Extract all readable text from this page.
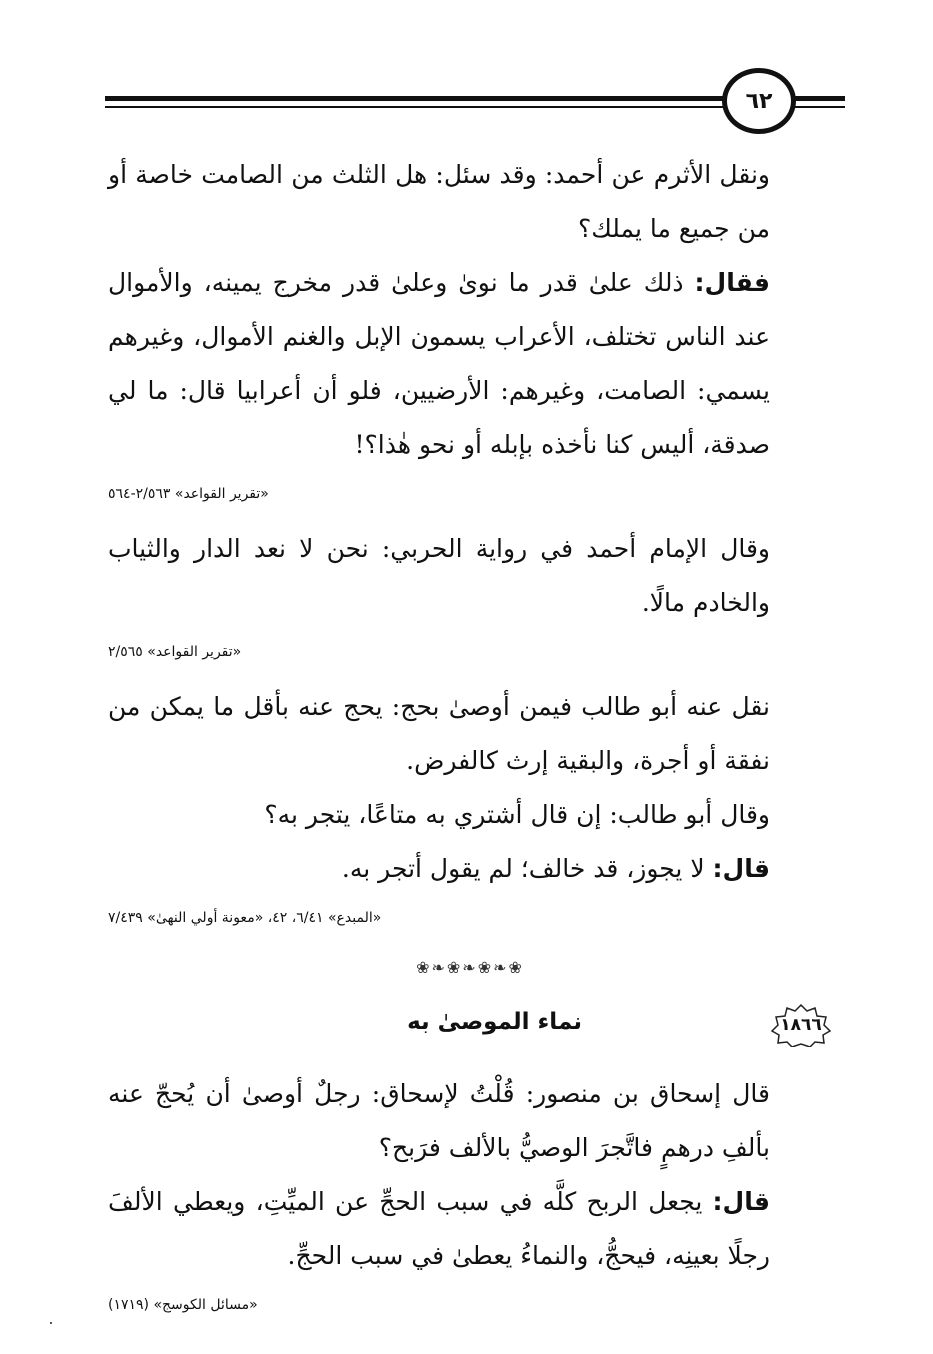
٦٢

ونقل الأثرم عن أحمد: وقد سئل: هل الثلث من الصامت خاصة أو من جميع ما يملك؟

فقال: ذلك علىٰ قدر ما نوىٰ وعلىٰ قدر مخرج يمينه، والأموال عند الناس تختلف، الأعراب يسمون الإبل والغنم الأموال، وغيرهم يسمي: الصامت، وغيرهم: الأرضيين، فلو أن أعرابيا قال: ما لي صدقة، أليس كنا نأخذه بإبله أو نحو هٰذا؟!

«تقرير القواعد» ٢/٥٦٣-٥٦٤

وقال الإمام أحمد في رواية الحربي: نحن لا نعد الدار والثياب والخادم مالًا.

«تقرير القواعد» ٢/٥٦٥

نقل عنه أبو طالب فيمن أوصىٰ بحج: يحج عنه بأقل ما يمكن من نفقة أو أجرة، والبقية إرث كالفرض.

وقال أبو طالب: إن قال أشتري به متاعًا، يتجر به؟

قال: لا يجوز، قد خالف؛ لم يقول أتجر به.

«المبدع» ٦/٤١، ٤٢، «معونة أولي النهىٰ» ٧/٤٣٩
❀❧❀❧❀❧❀
١٨٦٦
نماء الموصىٰ به

قال إسحاق بن منصور: قُلْتُ لإسحاق: رجلٌ أوصىٰ أن يُحجّ عنه بألفِ درهمٍ فاتَّجرَ الوصيُّ بالألف فرَبح؟

قال: يجعل الربح كلَّه في سبب الحجِّ عن الميِّتِ، ويعطي الألفَ رجلًا بعينِه، فيحجُّ، والنماءُ يعطىٰ في سبب الحجِّ.

«مسائل الكوسج» (١٧١٩)
